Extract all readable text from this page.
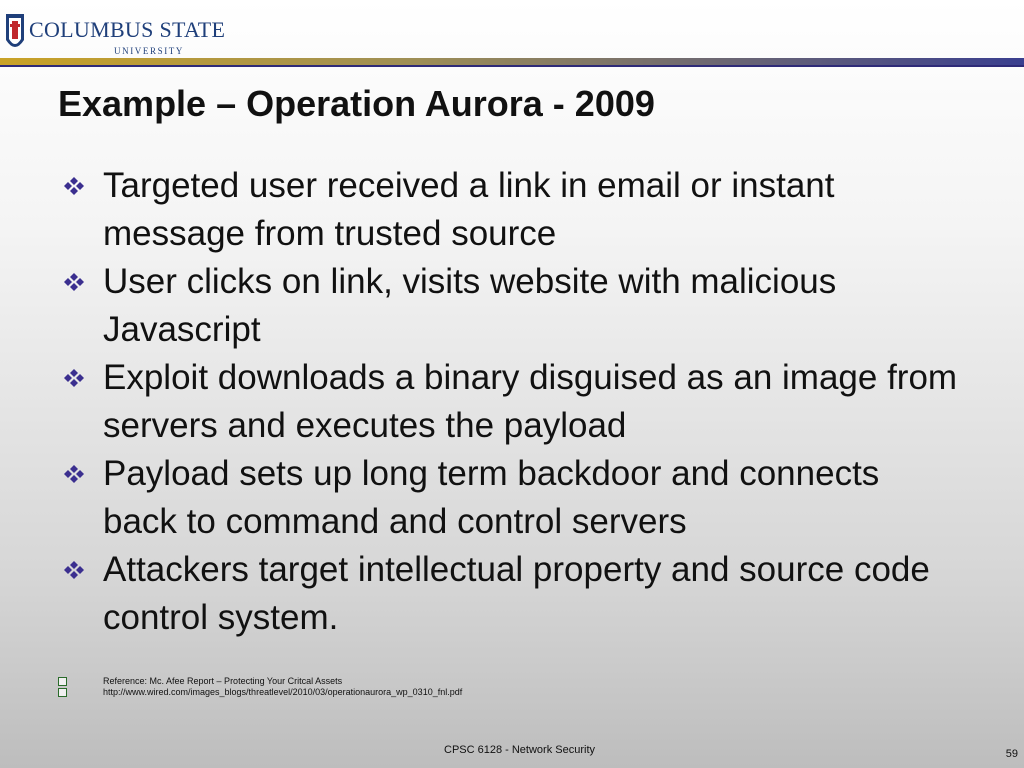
COLUMBUS STATE
UNIVERSITY
Example – Operation Aurora - 2009
Targeted user received a link in email or instant message from trusted source
User clicks on link, visits website with malicious Javascript
Exploit downloads a binary disguised as an image from servers and executes the payload
Payload sets up long term backdoor and connects back to command and control servers
Attackers target intellectual property and source code control system.
Reference: Mc. Afee Report – Protecting Your Critcal Assets
http://www.wired.com/images_blogs/threatlevel/2010/03/operationaurora_wp_0310_fnl.pdf
CPSC 6128 - Network Security	59
